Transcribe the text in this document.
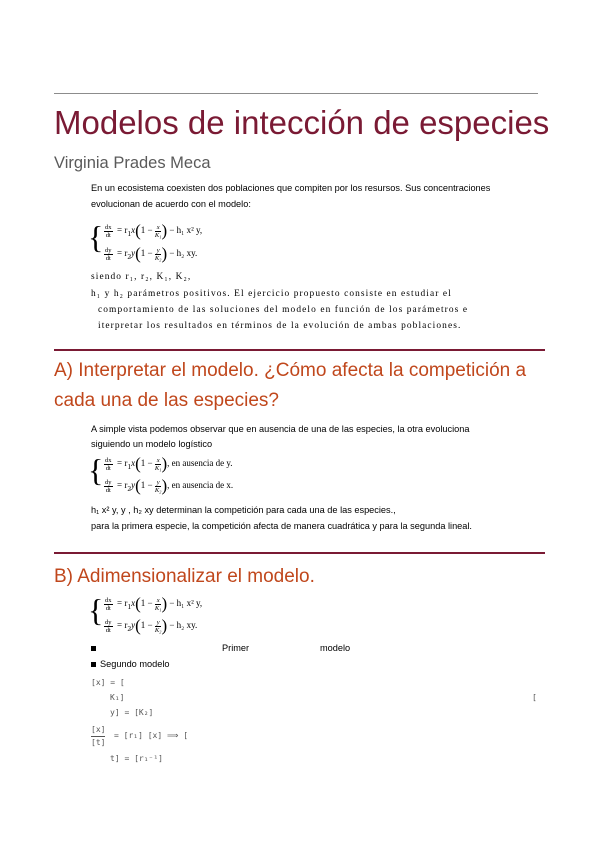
Modelos de intección de especies
Virginia Prades Meca
En un ecosistema coexisten dos poblaciones que compiten por los resursos. Sus concentraciones
evolucionan de acuerdo con el modelo:
{ $\frac{dx}{dt} = r_1x(1 - \frac{x}{\text{K₁}}$ ) − h₁ x² y,
$\frac{dy}{dt} = r_2y(1 - \frac{y}{\text{K₂}}$ ) − h₂ xy.
siendo r₁, r₂, K₁, K₂,
h₁ y h₂ parámetros positivos. El ejercicio propuesto consiste en estudiar el
comportamiento de las soluciones del modelo en función de los parámetros e
iterpretar los resultados en términos de la evolución de ambas poblaciones.
A) Interpretar el modelo. ¿Cómo afecta la competición a
cada una de las especies?
A simple vista podemos observar que en ausencia de una de las especies, la otra evoluciona
siguiendo un modelo logístico
{ $\frac{dx}{dt} = r_1x(1 - \frac{x}{\text{K₁}}$ ), en ausencia de y.
$\frac{dy}{dt} = r_2y(1 - \frac{y}{\text{K₂}}$ ), en ausencia de x.
h₁ x² y, y , h₂ xy determinan la competición para cada una de las especies.,
para la primera especie, la competición afecta de manera cuadrática y para la segunda lineal.
B) Adimensionalizar el modelo.
{ $\frac{dx}{dt} = r_1x(1 - \frac{x}{\text{K₁}}$ ) − h₁ x² y,
$\frac{dy}{dt} = r_2y(1 - \frac{y}{\text{K₂}}$ ) − h₂ xy.
Primer	modelo
Segundo modelo
[x] = [
K₁]	[
y] = [K₂]
[x]
[t]
= [r₁] [x] ⟹ [
t] = [r₁⁻¹]
